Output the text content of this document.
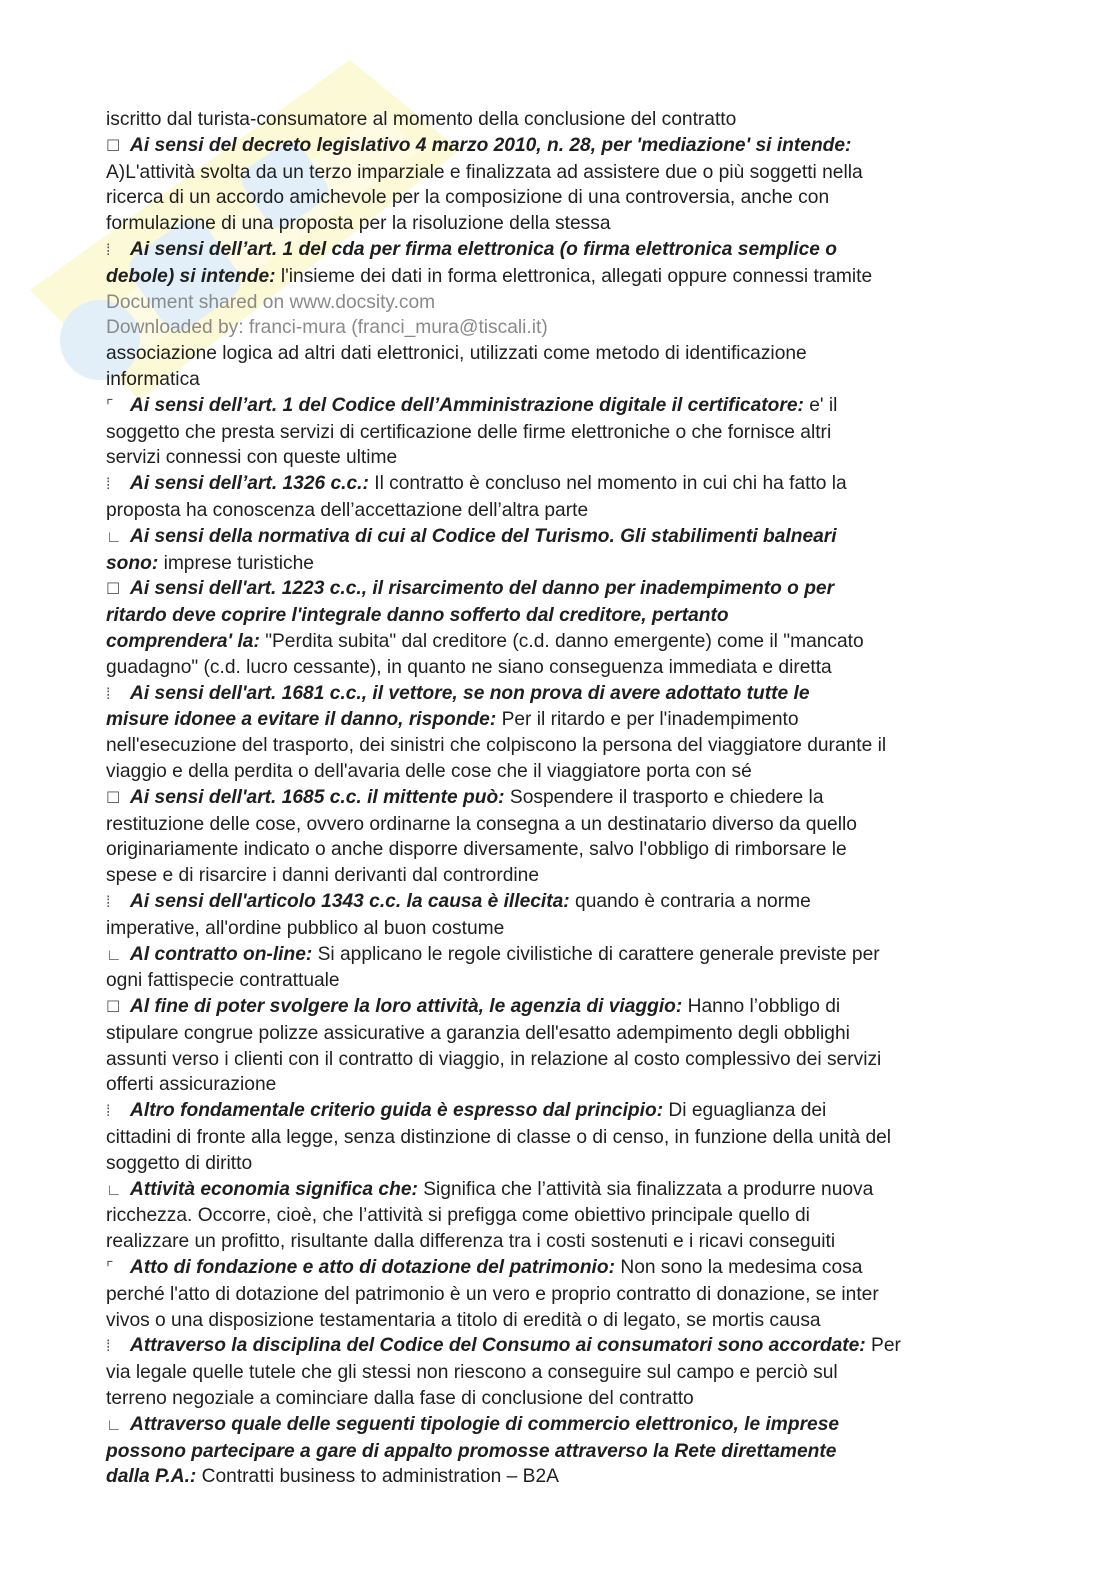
iscritto dal turista-consumatore al momento della conclusione del contratto
☐ Ai sensi del decreto legislativo 4 marzo 2010, n. 28, per 'mediazione' si intende:
A)L'attività svolta da un terzo imparziale e finalizzata ad assistere due o più soggetti nella
ricerca di un accordo amichevole per la composizione di una controversia, anche con
formulazione di una proposta per la risoluzione della stessa
⁞ Ai sensi dell’art. 1 del cda per firma elettronica (o firma elettronica semplice o
debole) si intende: l'insieme dei dati in forma elettronica, allegati oppure connessi tramite
Document shared on www.docsity.com
Downloaded by: franci-mura (franci_mura@tiscali.it)
associazione logica ad altri dati elettronici, utilizzati come metodo di identificazione
informatica
⌜ Ai sensi dell’art. 1 del Codice dell’Amministrazione digitale il certificatore: e' il
soggetto che presta servizi di certificazione delle firme elettroniche o che fornisce altri
servizi connessi con queste ultime
⁞ Ai sensi dell’art. 1326 c.c.: Il contratto è concluso nel momento in cui chi ha fatto la
proposta ha conoscenza dell’accettazione dell’altra parte
∟ Ai sensi della normativa di cui al Codice del Turismo. Gli stabilimenti balneari
sono: imprese turistiche
☐ Ai sensi dell'art. 1223 c.c., il risarcimento del danno per inadempimento o per
ritardo deve coprire l'integrale danno sofferto dal creditore, pertanto
comprendera' la: "Perdita subita" dal creditore (c.d. danno emergente) come il "mancato
guadagno" (c.d. lucro cessante), in quanto ne siano conseguenza immediata e diretta
⁞ Ai sensi dell'art. 1681 c.c., il vettore, se non prova di avere adottato tutte le
misure idonee a evitare il danno, risponde: Per il ritardo e per l'inadempimento
nell'esecuzione del trasporto, dei sinistri che colpiscono la persona del viaggiatore durante il
viaggio e della perdita o dell'avaria delle cose che il viaggiatore porta con sé
☐ Ai sensi dell'art. 1685 c.c. il mittente può: Sospendere il trasporto e chiedere la
restituzione delle cose, ovvero ordinarne la consegna a un destinatario diverso da quello
originariamente indicato o anche disporre diversamente, salvo l'obbligo di rimborsare le
spese e di risarcire i danni derivanti dal contrordine
⁞ Ai sensi dell'articolo 1343 c.c. la causa è illecita: quando è contraria a norme
imperative, all'ordine pubblico al buon costume
∟ Al contratto on-line: Si applicano le regole civilistiche di carattere generale previste per
ogni fattispecie contrattuale
☐ Al fine di poter svolgere la loro attività, le agenzia di viaggio: Hanno l’obbligo di
stipulare congrue polizze assicurative a garanzia dell'esatto adempimento degli obblighi
assunti verso i clienti con il contratto di viaggio, in relazione al costo complessivo dei servizi
offerti assicurazione
⁞ Altro fondamentale criterio guida è espresso dal principio: Di eguaglianza dei
cittadini di fronte alla legge, senza distinzione di classe o di censo, in funzione della unità del
soggetto di diritto
∟ Attività economia significa che: Significa che l’attività sia finalizzata a produrre nuova
ricchezza. Occorre, cioè, che l’attività si prefigga come obiettivo principale quello di
realizzare un profitto, risultante dalla differenza tra i costi sostenuti e i ricavi conseguiti
⌜ Atto di fondazione e atto di dotazione del patrimonio: Non sono la medesima cosa
perché l'atto di dotazione del patrimonio è un vero e proprio contratto di donazione, se inter
vivos o una disposizione testamentaria a titolo di eredità o di legato, se mortis causa
⁞ Attraverso la disciplina del Codice del Consumo ai consumatori sono accordate: Per
via legale quelle tutele che gli stessi non riescono a conseguire sul campo e perciò sul
terreno negoziale a cominciare dalla fase di conclusione del contratto
∟ Attraverso quale delle seguenti tipologie di commercio elettronico, le imprese
possono partecipare a gare di appalto promosse attraverso la Rete direttamente
dalla P.A.: Contratti business to administration – B2A
